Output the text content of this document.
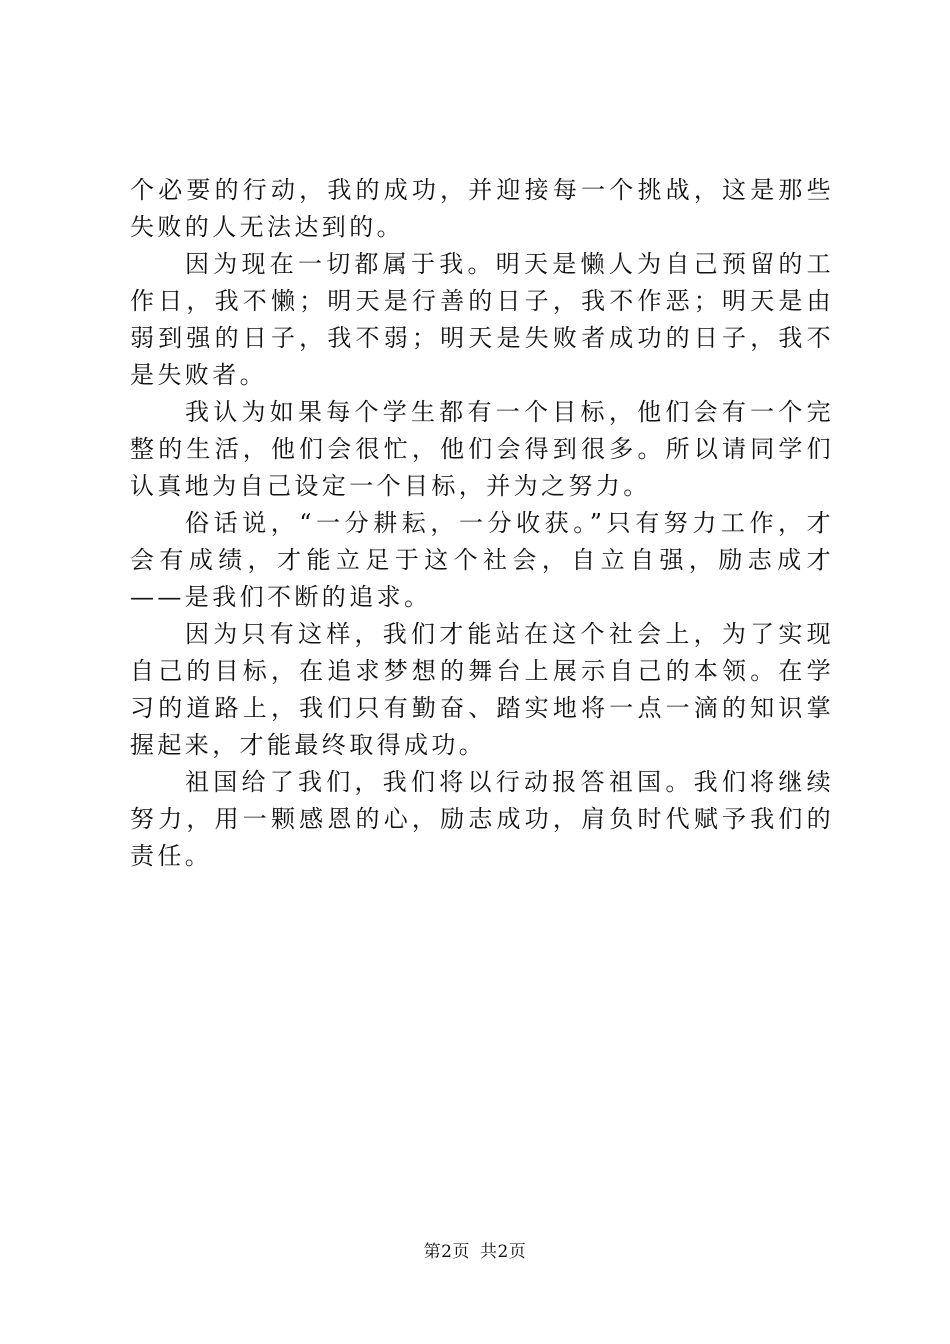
个必要的行动，我的成功，并迎接每一个挑战，这是那些失败的人无法达到的。

因为现在一切都属于我。明天是懒人为自己预留的工作日，我不懒；明天是行善的日子，我不作恶；明天是由弱到强的日子，我不弱；明天是失败者成功的日子，我不是失败者。

我认为如果每个学生都有一个目标，他们会有一个完整的生活，他们会很忙，他们会得到很多。所以请同学们认真地为自己设定一个目标，并为之努力。

俗话说，“一分耕耘，一分收获。”只有努力工作，才会有成绩，才能立足于这个社会，自立自强，励志成才——是我们不断的追求。

因为只有这样，我们才能站在这个社会上，为了实现自己的目标，在追求梦想的舞台上展示自己的本领。在学习的道路上，我们只有勤奋、踏实地将一点一滴的知识掌握起来，才能最终取得成功。

祖国给了我们，我们将以行动报答祖国。我们将继续努力，用一颗感恩的心，励志成功，肩负时代赋予我们的责任。

第2页 共2页
